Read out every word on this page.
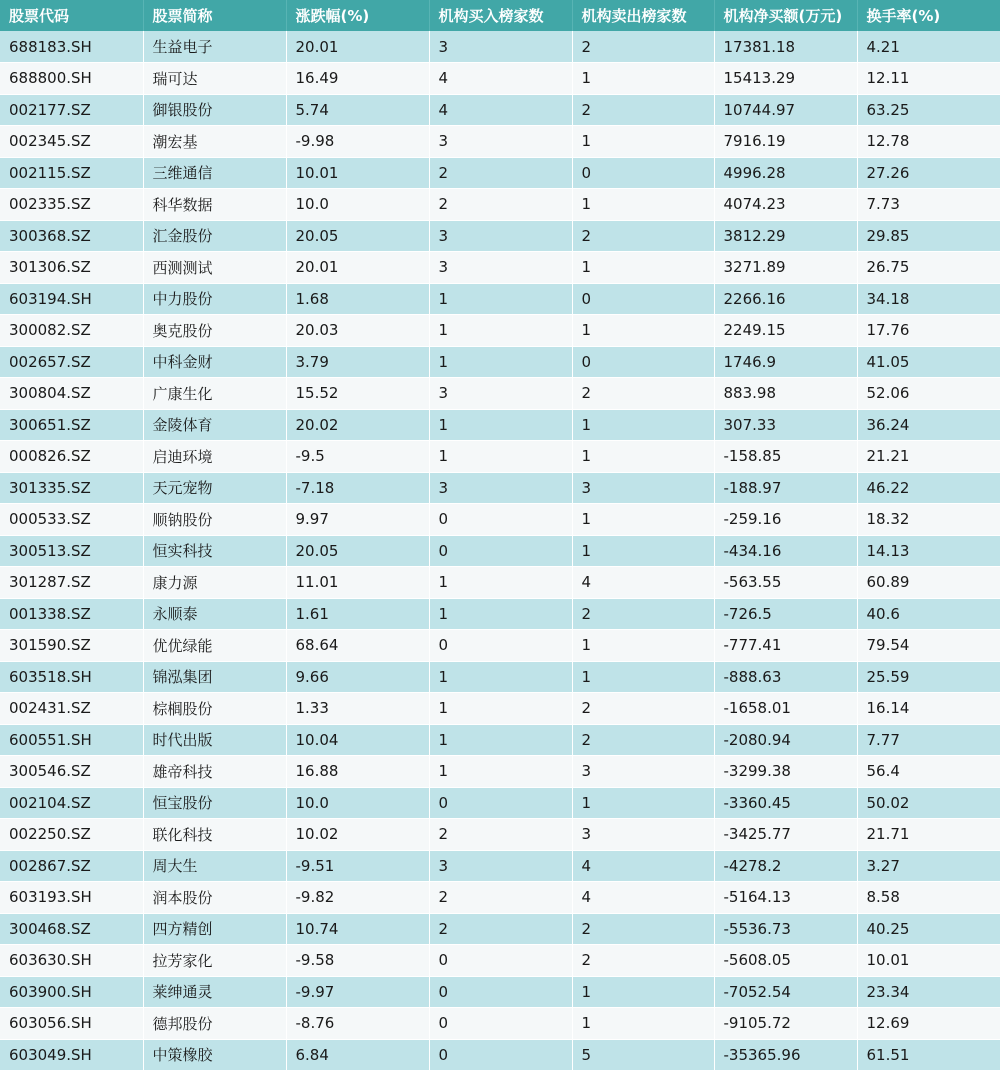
股票代码	股票简称	涨跌幅(%)	机构买入榜家数	机构卖出榜家数	机构净买额(万元)	换手率(%)
688183.SH	生益电子	20.01	3	2	17381.18	4.21
688800.SH	瑞可达	16.49	4	1	15413.29	12.11
002177.SZ	御银股份	5.74	4	2	10744.97	63.25
002345.SZ	潮宏基	-9.98	3	1	7916.19	12.78
002115.SZ	三维通信	10.01	2	0	4996.28	27.26
002335.SZ	科华数据	10.0	2	1	4074.23	7.73
300368.SZ	汇金股份	20.05	3	2	3812.29	29.85
301306.SZ	西测测试	20.01	3	1	3271.89	26.75
603194.SH	中力股份	1.68	1	0	2266.16	34.18
300082.SZ	奥克股份	20.03	1	1	2249.15	17.76
002657.SZ	中科金财	3.79	1	0	1746.9	41.05
300804.SZ	广康生化	15.52	3	2	883.98	52.06
300651.SZ	金陵体育	20.02	1	1	307.33	36.24
000826.SZ	启迪环境	-9.5	1	1	-158.85	21.21
301335.SZ	天元宠物	-7.18	3	3	-188.97	46.22
000533.SZ	顺钠股份	9.97	0	1	-259.16	18.32
300513.SZ	恒实科技	20.05	0	1	-434.16	14.13
301287.SZ	康力源	11.01	1	4	-563.55	60.89
001338.SZ	永顺泰	1.61	1	2	-726.5	40.6
301590.SZ	优优绿能	68.64	0	1	-777.41	79.54
603518.SH	锦泓集团	9.66	1	1	-888.63	25.59
002431.SZ	棕榈股份	1.33	1	2	-1658.01	16.14
600551.SH	时代出版	10.04	1	2	-2080.94	7.77
300546.SZ	雄帝科技	16.88	1	3	-3299.38	56.4
002104.SZ	恒宝股份	10.0	0	1	-3360.45	50.02
002250.SZ	联化科技	10.02	2	3	-3425.77	21.71
002867.SZ	周大生	-9.51	3	4	-4278.2	3.27
603193.SH	润本股份	-9.82	2	4	-5164.13	8.58
300468.SZ	四方精创	10.74	2	2	-5536.73	40.25
603630.SH	拉芳家化	-9.58	0	2	-5608.05	10.01
603900.SH	莱绅通灵	-9.97	0	1	-7052.54	23.34
603056.SH	德邦股份	-8.76	0	1	-9105.72	12.69
603049.SH	中策橡胶	6.84	0	5	-35365.96	61.51
